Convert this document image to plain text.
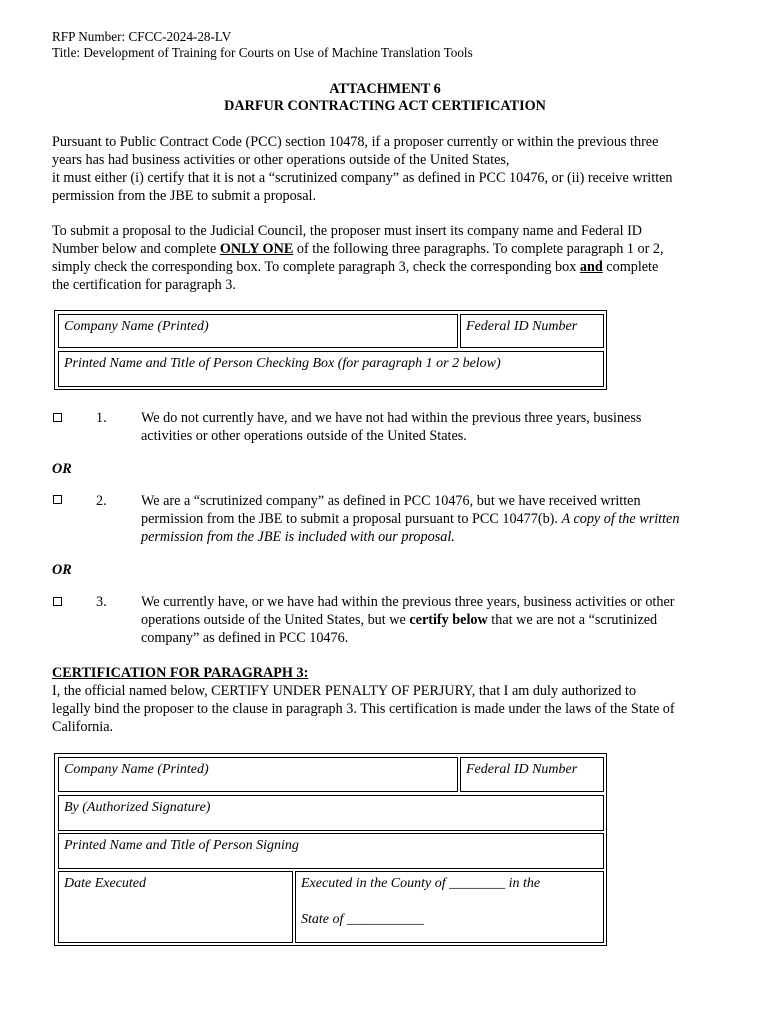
RFP Number: CFCC-2024-28-LV
Title: Development of Training for Courts on Use of Machine Translation Tools
ATTACHMENT 6
DARFUR CONTRACTING ACT CERTIFICATION
Pursuant to Public Contract Code (PCC) section 10478, if a proposer currently or within the previous three
years has had business activities or other operations outside of the United States,
it must either (i) certify that it is not a “scrutinized company” as defined in PCC 10476, or (ii) receive written
permission from the JBE to submit a proposal.
To submit a proposal to the Judicial Council, the proposer must insert its company name and Federal ID
Number below and complete ONLY ONE of the following three paragraphs. To complete paragraph 1 or 2,
simply check the corresponding box. To complete paragraph 3, check the corresponding box and complete
the certification for paragraph 3.
Company Name (Printed)	Federal ID Number
Printed Name and Title of Person Checking Box (for paragraph 1 or 2 below)
1. We do not currently have, and we have not had within the previous three years, business
activities or other operations outside of the United States.
OR
2. We are a “scrutinized company” as defined in PCC 10476, but we have received written
permission from the JBE to submit a proposal pursuant to PCC 10477(b). A copy of the written
permission from the JBE is included with our proposal.
OR
3. We currently have, or we have had within the previous three years, business activities or other
operations outside of the United States, but we certify below that we are not a “scrutinized
company” as defined in PCC 10476.
CERTIFICATION FOR PARAGRAPH 3:
I, the official named below, CERTIFY UNDER PENALTY OF PERJURY, that I am duly authorized to
legally bind the proposer to the clause in paragraph 3. This certification is made under the laws of the State of
California.
Company Name (Printed)	Federal ID Number
By (Authorized Signature)
Printed Name and Title of Person Signing
Date Executed	Executed in the County of ________ in the
State of ___________
